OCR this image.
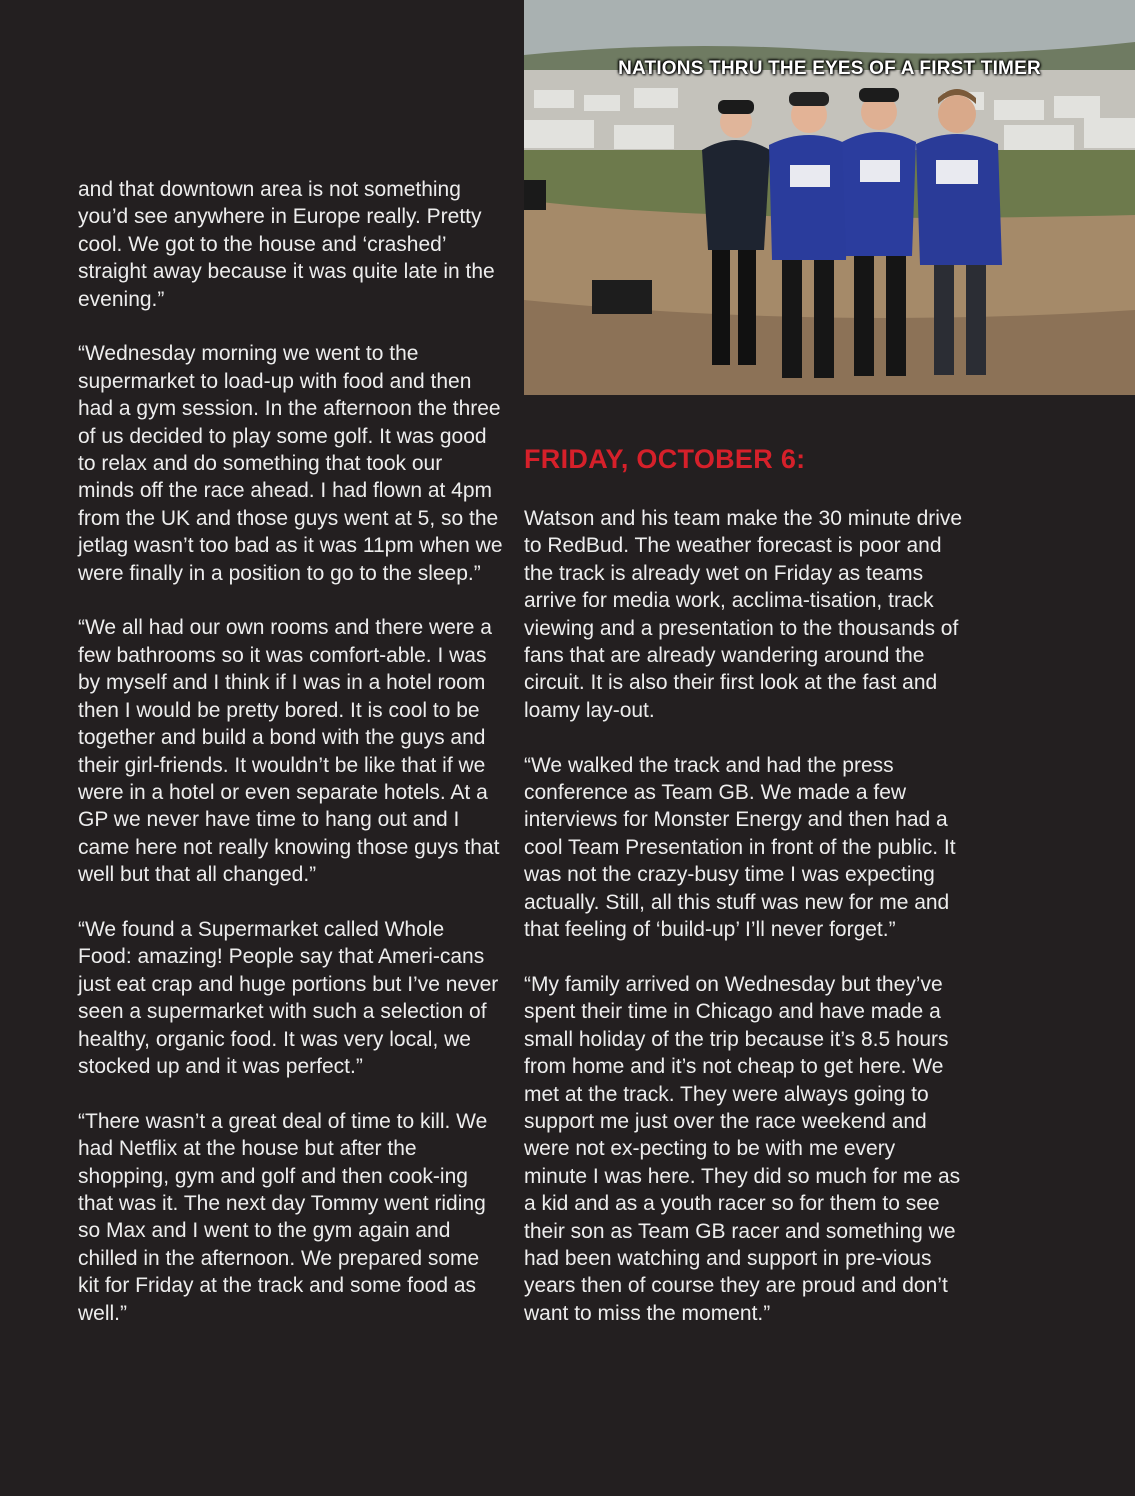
and that downtown area is not something you’d see anywhere in Europe really. Pretty cool. We got to the house and ‘crashed’ straight away because it was quite late in the evening.”

“Wednesday morning we went to the supermarket to load-up with food and then had a gym session. In the afternoon the three of us decided to play some golf. It was good to relax and do something that took our minds off the race ahead. I had flown at 4pm from the UK and those guys went at 5, so the jetlag wasn’t too bad as it was 11pm when we were finally in a position to go to the sleep.”

“We all had our own rooms and there were a few bathrooms so it was comfort-able. I was by myself and I think if I was in a hotel room then I would be pretty bored. It is cool to be together and build a bond with the guys and their girl-friends. It wouldn’t be like that if we were in a hotel or even separate hotels. At a GP we never have time to hang out and I came here not really knowing those guys that well but that all changed.”

“We found a Supermarket called Whole Food: amazing! People say that Ameri-cans just eat crap and huge portions but I’ve never seen a supermarket with such a selection of healthy, organic food. It was very local, we stocked up and it was perfect.”

“There wasn’t a great deal of time to kill. We had Netflix at the house but after the shopping, gym and golf and then cook-ing that was it. The next day Tommy went riding so Max and I went to the gym again and chilled in the afternoon. We prepared some kit for Friday at the track and some food as well.”

NATIONS THRU THE EYES OF A FIRST TIMER
FRIDAY, OCTOBER 6:

Watson and his team make the 30 minute drive to RedBud. The weather forecast is poor and the track is already wet on Friday as teams arrive for media work, acclima-tisation, track viewing and a presentation to the thousands of fans that are already wandering around the circuit. It is also their first look at the fast and loamy lay-out.

“We walked the track and had the press conference as Team GB. We made a few interviews for Monster Energy and then had a cool Team Presentation in front of the public. It was not the crazy-busy time I was expecting actually. Still, all this stuff was new for me and that feeling of ‘build-up’ I’ll never forget.”

“My family arrived on Wednesday but they’ve spent their time in Chicago and have made a small holiday of the trip because it’s 8.5 hours from home and it’s not cheap to get here. We met at the track. They were always going to support me just over the race weekend and were not ex-pecting to be with me every minute I was here. They did so much for me as a kid and as a youth racer so for them to see their son as Team GB racer and something we had been watching and support in pre-vious years then of course they are proud and don’t want to miss the moment.”
